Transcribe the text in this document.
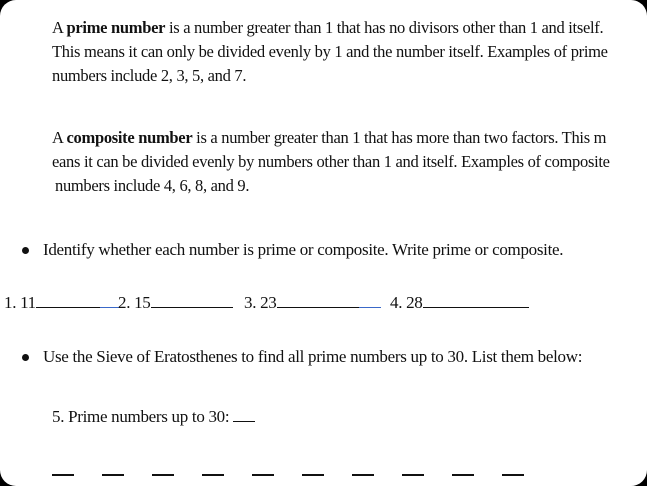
A prime number is a number greater than 1 that has no divisors other than 1 and itself.
This means it can only be divided evenly by 1 and the number itself. Examples of prime
numbers include 2, 3, 5, and 7.

A composite number is a number greater than 1 that has more than two factors. This m
eans it can be divided evenly by numbers other than 1 and itself. Examples of composite
numbers include 4, 6, 8, and 9.

Identify whether each number is prime or composite. Write prime or composite.
1. 11	2. 15	3. 23	4. 28
Use the Sieve of Eratosthenes to find all prime numbers up to 30. List them below:
5. Prime numbers up to 30:
